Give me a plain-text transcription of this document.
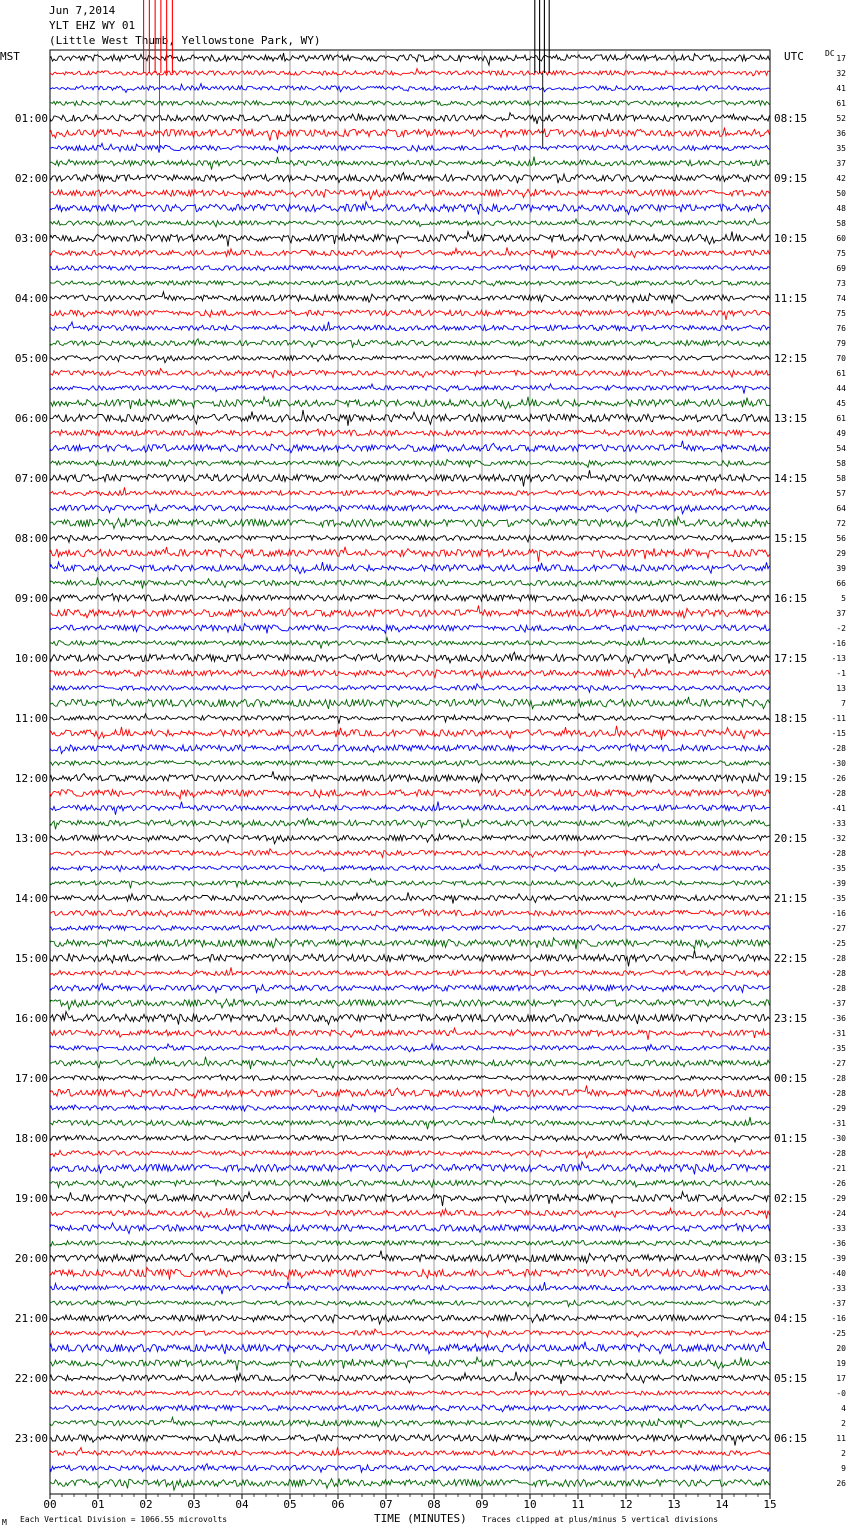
Jun 7,2014
YLT EHZ WY 01
(Little West Thumb, Yellowstone Park, WY)
MST	UTC	DC
00	01	02	03	04	05	06	07	08	09	10	11	12	13	14	15
17
32
41
61
52
36
35
37
42
50
48
58
60
75
69
73
74
75
76
79
70
61
44
45
61
49
54
58
58
57
64
72
56
29
39
66
5
37
-2
-16
-13
-1
13
7
-11
-15
-28
-30
-26
-28
-41
-33
-32
-28
-35
-39
-35
-16
-27
-25
-28
-28
-28
-37
-36
-31
-35
-27
-28
-28
-29
-31
-30
-28
-21
-26
-29
-24
-33
-36
-39
-40
-33
-37
-16
-25
20
19
17
-0
4
2
11
2
9
26
01:00	08:15
02:00	09:15
03:00	10:15
04:00	11:15
05:00	12:15
06:00	13:15
07:00	14:15
08:00	15:15
09:00	16:15
10:00	17:15
11:00	18:15
12:00	19:15
13:00	20:15
14:00	21:15
15:00	22:15
16:00	23:15
17:00	00:15
18:00	01:15
19:00	02:15
20:00	03:15
21:00	04:15
22:00	05:15
23:00	06:15
M Each Vertical Division = 1066.55 microvolts	TIME (MINUTES) Traces clipped at plus/minus 5 vertical divisions
